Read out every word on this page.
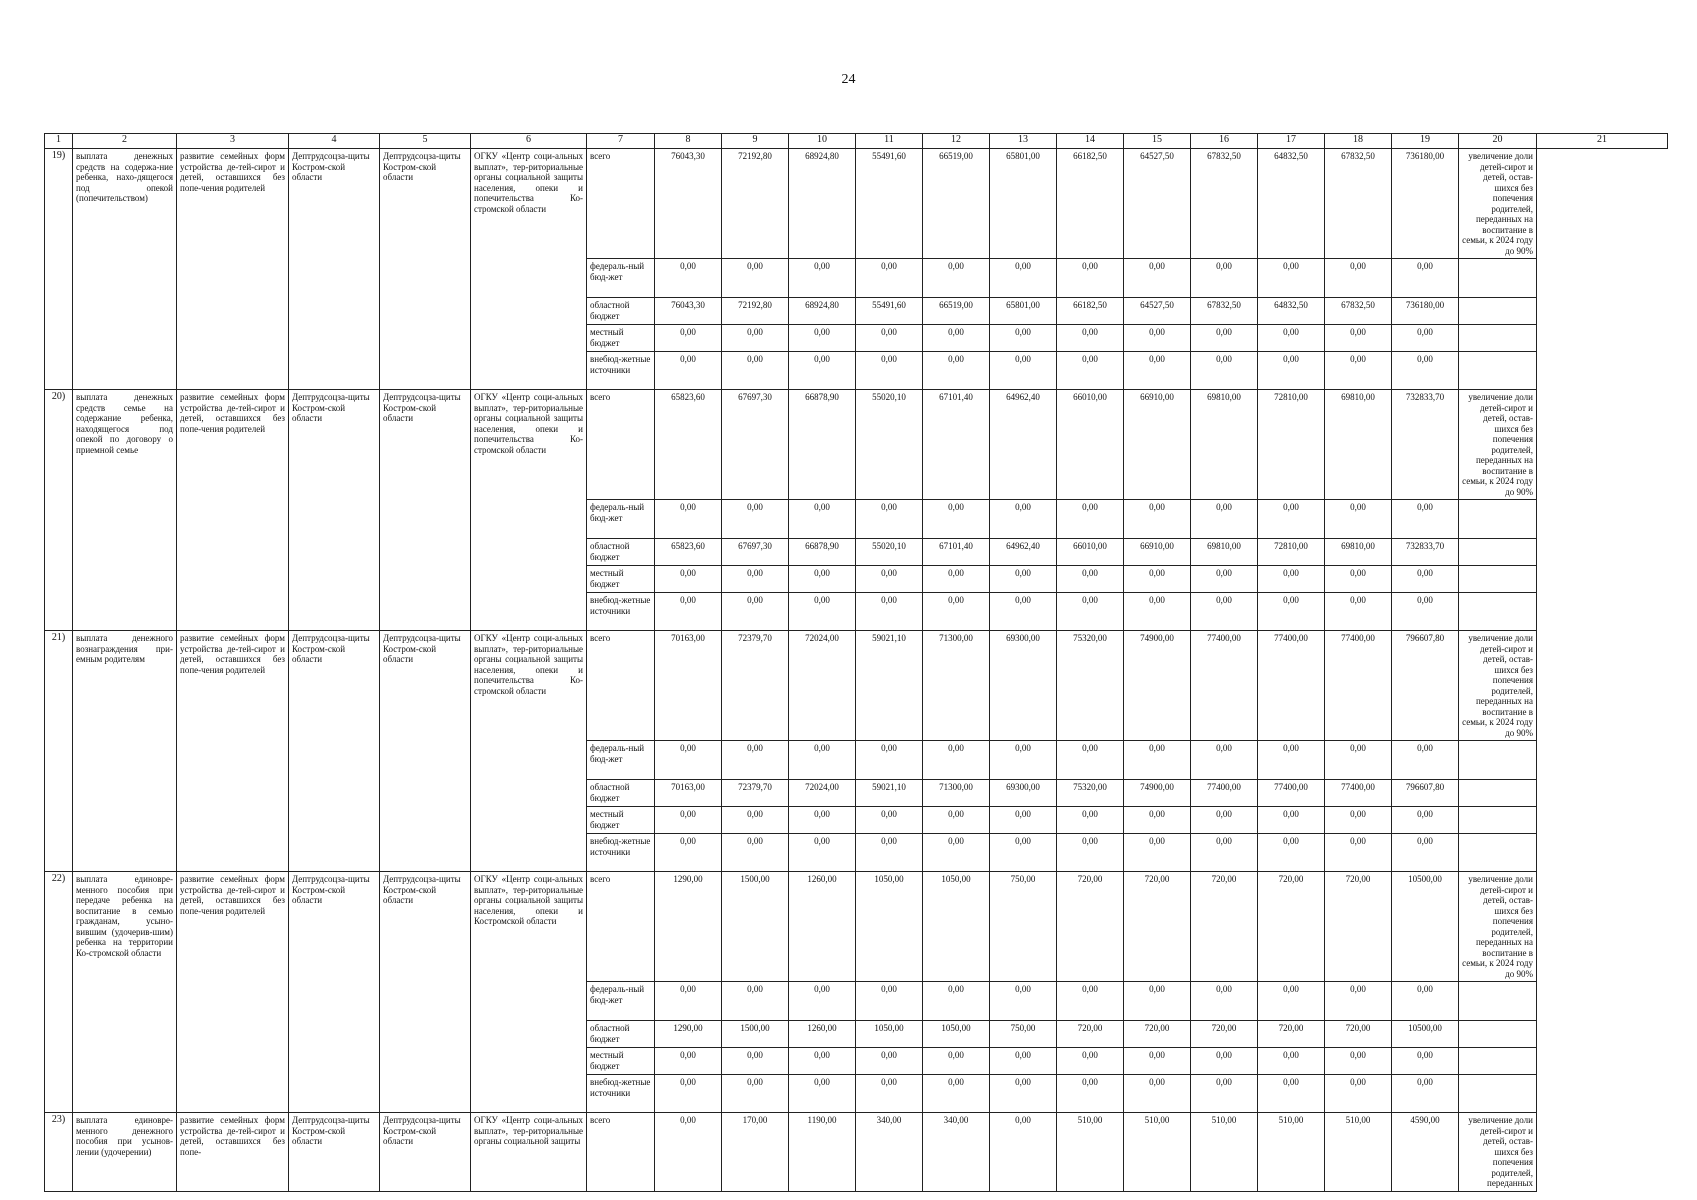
24
1	2	3	4	5	6	7	8	9	10	11	12	13	14	15	16	17	18	19	20	21
19)	выплата денежных средств на содержа-ние ребенка, нахо-дящегося под опекой (попечительством)	развитие семейных форм устройства де-тей-сирот и детей, оставшихся без попе-чения родителей	Дептрудсоцза-щиты Костром-ской области	Дептрудсоцза-щиты Костром-ской области	ОГКУ «Центр соци-альных выплат», тер-риториальные органы социальной защиты населения, опеки и попечительства Ко-стромской области	всего	76043,30	72192,80	68924,80	55491,60	66519,00	65801,00	66182,50	64527,50	67832,50	64832,50	67832,50	736180,00	увеличение доли детей-сирот и детей, остав-шихся без попечения родителей, переданных на воспитание в семьи, к 2024 году до 90%	
						федераль-ный бюд-жет	0,00	0,00	0,00	0,00	0,00	0,00	0,00	0,00	0,00	0,00	0,00	0,00		
						областной бюджет	76043,30	72192,80	68924,80	55491,60	66519,00	65801,00	66182,50	64527,50	67832,50	64832,50	67832,50	736180,00		
						местный бюджет	0,00	0,00	0,00	0,00	0,00	0,00	0,00	0,00	0,00	0,00	0,00	0,00		
						внебюд-жетные источники	0,00	0,00	0,00	0,00	0,00	0,00	0,00	0,00	0,00	0,00	0,00	0,00		
20)	выплата денежных средств семье на содержание ребенка, находящегося под опекой по договору о приемной семье	развитие семейных форм устройства де-тей-сирот и детей, оставшихся без попе-чения родителей	Дептрудсоцза-щиты Костром-ской области	Дептрудсоцза-щиты Костром-ской области	ОГКУ «Центр соци-альных выплат», тер-риториальные органы социальной защиты населения, опеки и попечительства Ко-стромской области	всего	65823,60	67697,30	66878,90	55020,10	67101,40	64962,40	66010,00	66910,00	69810,00	72810,00	69810,00	732833,70	увеличение доли детей-сирот и детей, остав-шихся без попечения родителей, переданных на воспитание в семьи, к 2024 году до 90%	
						федераль-ный бюд-жет	0,00	0,00	0,00	0,00	0,00	0,00	0,00	0,00	0,00	0,00	0,00	0,00		
						областной бюджет	65823,60	67697,30	66878,90	55020,10	67101,40	64962,40	66010,00	66910,00	69810,00	72810,00	69810,00	732833,70		
						местный бюджет	0,00	0,00	0,00	0,00	0,00	0,00	0,00	0,00	0,00	0,00	0,00	0,00		
						внебюд-жетные источники	0,00	0,00	0,00	0,00	0,00	0,00	0,00	0,00	0,00	0,00	0,00	0,00		
21)	выплата денежного вознаграждения при-емным родителям	развитие семейных форм устройства де-тей-сирот и детей, оставшихся без попе-чения родителей	Дептрудсоцза-щиты Костром-ской области	Дептрудсоцза-щиты Костром-ской области	ОГКУ «Центр соци-альных выплат», тер-риториальные органы социальной защиты населения, опеки и попечительства Ко-стромской области	всего	70163,00	72379,70	72024,00	59021,10	71300,00	69300,00	75320,00	74900,00	77400,00	77400,00	77400,00	796607,80	увеличение доли детей-сирот и детей, остав-шихся без попечения родителей, переданных на воспитание в семьи, к 2024 году до 90%	
						федераль-ный бюд-жет	0,00	0,00	0,00	0,00	0,00	0,00	0,00	0,00	0,00	0,00	0,00	0,00		
						областной бюджет	70163,00	72379,70	72024,00	59021,10	71300,00	69300,00	75320,00	74900,00	77400,00	77400,00	77400,00	796607,80		
						местный бюджет	0,00	0,00	0,00	0,00	0,00	0,00	0,00	0,00	0,00	0,00	0,00	0,00		
						внебюд-жетные источники	0,00	0,00	0,00	0,00	0,00	0,00	0,00	0,00	0,00	0,00	0,00	0,00		
22)	выплата единовре-менного пособия при передаче ребенка на воспитание в семью гражданам, усыно-вившим (удочерив-шим) ребенка на территории Ко-стромской области	развитие семейных форм устройства де-тей-сирот и детей, оставшихся без попе-чения родителей	Дептрудсоцза-щиты Костром-ской области	Дептрудсоцза-щиты Костром-ской области	ОГКУ «Центр соци-альных выплат», тер-риториальные органы социальной защиты населения, опеки и Костромской области	всего	1290,00	1500,00	1260,00	1050,00	1050,00	750,00	720,00	720,00	720,00	720,00	720,00	10500,00	увеличение доли детей-сирот и детей, остав-шихся без попечения родителей, переданных на воспитание в семьи, к 2024 году до 90%	
						федераль-ный бюд-жет	0,00	0,00	0,00	0,00	0,00	0,00	0,00	0,00	0,00	0,00	0,00	0,00		
						областной бюджет	1290,00	1500,00	1260,00	1050,00	1050,00	750,00	720,00	720,00	720,00	720,00	720,00	10500,00		
						местный бюджет	0,00	0,00	0,00	0,00	0,00	0,00	0,00	0,00	0,00	0,00	0,00	0,00		
						внебюд-жетные источники	0,00	0,00	0,00	0,00	0,00	0,00	0,00	0,00	0,00	0,00	0,00	0,00		
23)	выплата единовре-менного денежного пособия при усынов-лении (удочерении)	развитие семейных форм устройства де-тей-сирот и детей, оставшихся без попе-	Дептрудсоцза-щиты Костром-ской области	Дептрудсоцза-щиты Костром-ской области	ОГКУ «Центр соци-альных выплат», тер-риториальные органы социальной защиты	всего	0,00	170,00	1190,00	340,00	340,00	0,00	510,00	510,00	510,00	510,00	510,00	4590,00	увеличение доли детей-сирот и детей, остав-шихся без попечения родителей, переданных	
